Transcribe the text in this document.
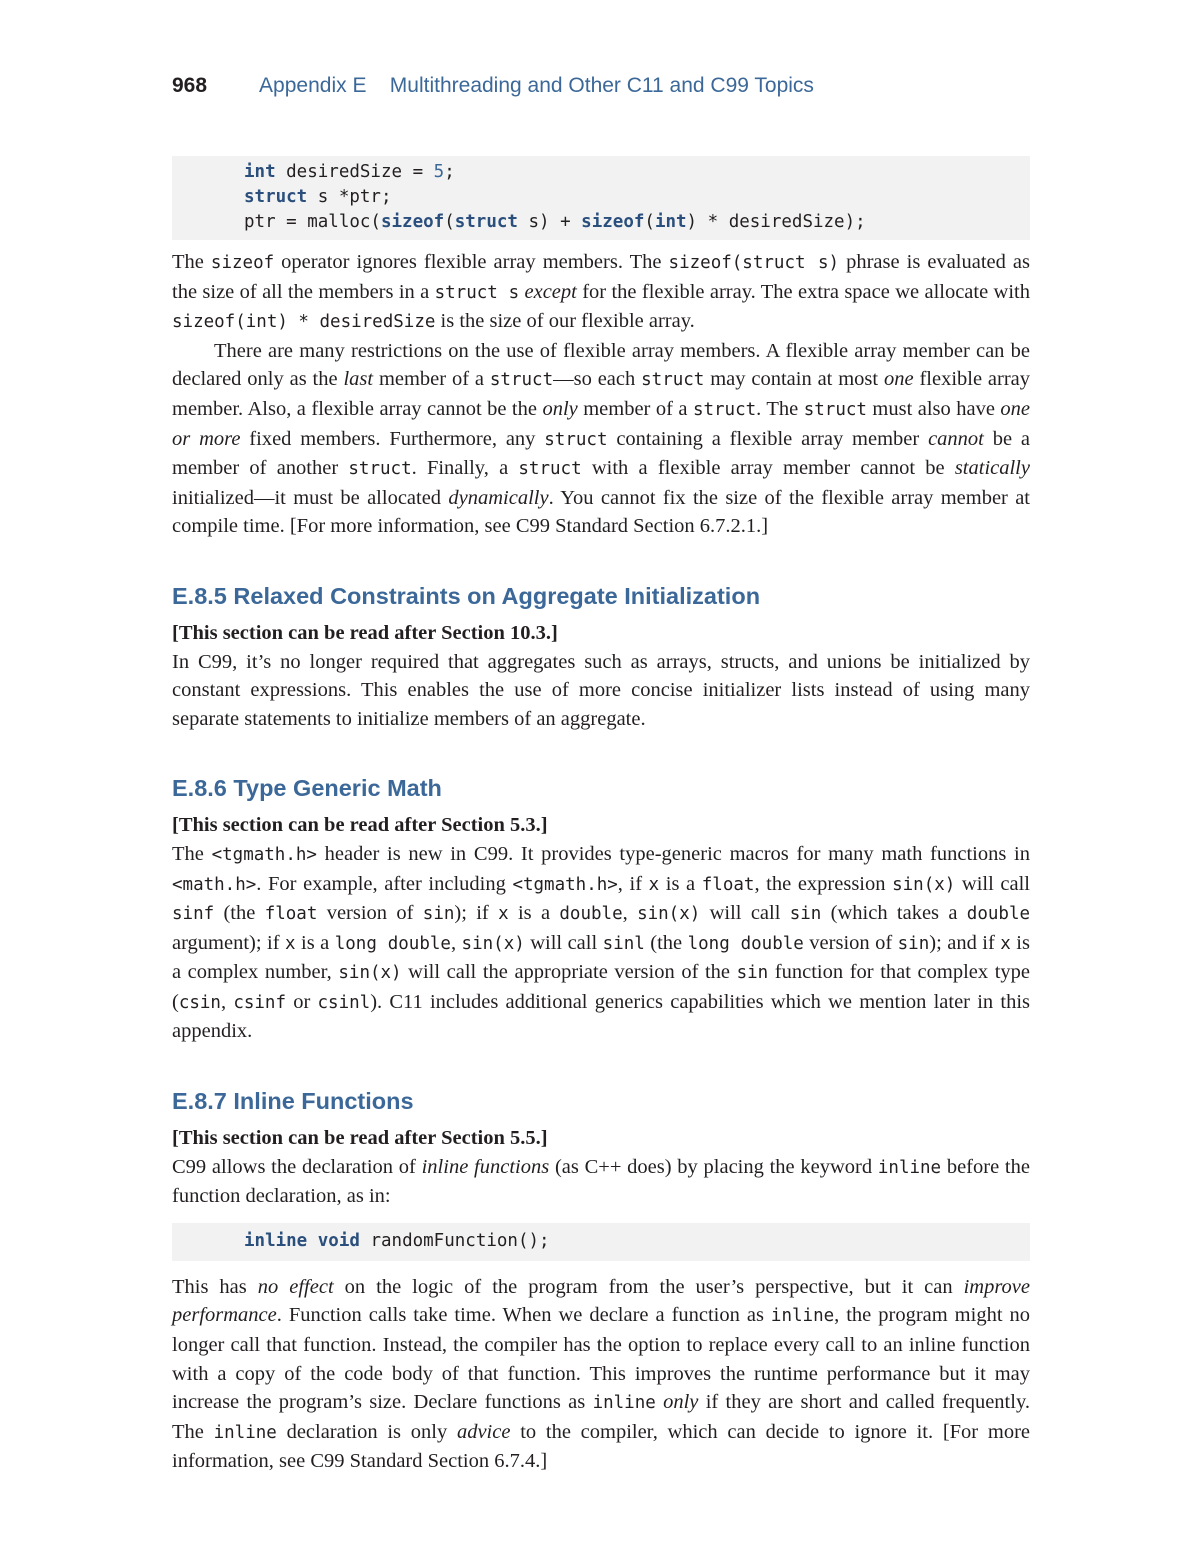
968 Appendix E    Multithreading and Other C11 and C99 Topics
int desiredSize = 5;
struct s *ptr;
ptr = malloc(sizeof(struct s) + sizeof(int) * desiredSize);

The sizeof operator ignores flexible array members. The sizeof(struct s) phrase is evaluated as the size of all the members in a struct s except for the flexible array. The extra space we allocate with sizeof(int) * desiredSize is the size of our flexible array.

There are many restrictions on the use of flexible array members. A flexible array member can be declared only as the last member of a struct—so each struct may contain at most one flexible array member. Also, a flexible array cannot be the only member of a struct. The struct must also have one or more fixed members. Furthermore, any struct containing a flexible array member cannot be a member of another struct. Finally, a struct with a flexible array member cannot be statically initialized—it must be allocated dynamically. You cannot fix the size of the flexible array member at compile time. [For more information, see C99 Standard Section 6.7.2.1.]

E.8.5 Relaxed Constraints on Aggregate Initialization

[This section can be read after Section 10.3.]

In C99, it’s no longer required that aggregates such as arrays, structs, and unions be initialized by constant expressions. This enables the use of more concise initializer lists instead of using many separate statements to initialize members of an aggregate.

E.8.6 Type Generic Math

[This section can be read after Section 5.3.]

The <tgmath.h> header is new in C99. It provides type-generic macros for many math functions in <math.h>. For example, after including <tgmath.h>, if x is a float, the expression sin(x) will call sinf (the float version of sin); if x is a double, sin(x) will call sin (which takes a double argument); if x is a long double, sin(x) will call sinl (the long double version of sin); and if x is a complex number, sin(x) will call the appropriate version of the sin function for that complex type (csin, csinf or csinl). C11 includes additional generics capabilities which we mention later in this appendix.

E.8.7 Inline Functions

[This section can be read after Section 5.5.]

C99 allows the declaration of inline functions (as C++ does) by placing the keyword inline before the function declaration, as in:

inline void randomFunction();

This has no effect on the logic of the program from the user’s perspective, but it can improve performance. Function calls take time. When we declare a function as inline, the program might no longer call that function. Instead, the compiler has the option to replace every call to an inline function with a copy of the code body of that function. This improves the runtime performance but it may increase the program’s size. Declare functions as inline only if they are short and called frequently. The inline declaration is only advice to the compiler, which can decide to ignore it. [For more information, see C99 Standard Section 6.7.4.]
